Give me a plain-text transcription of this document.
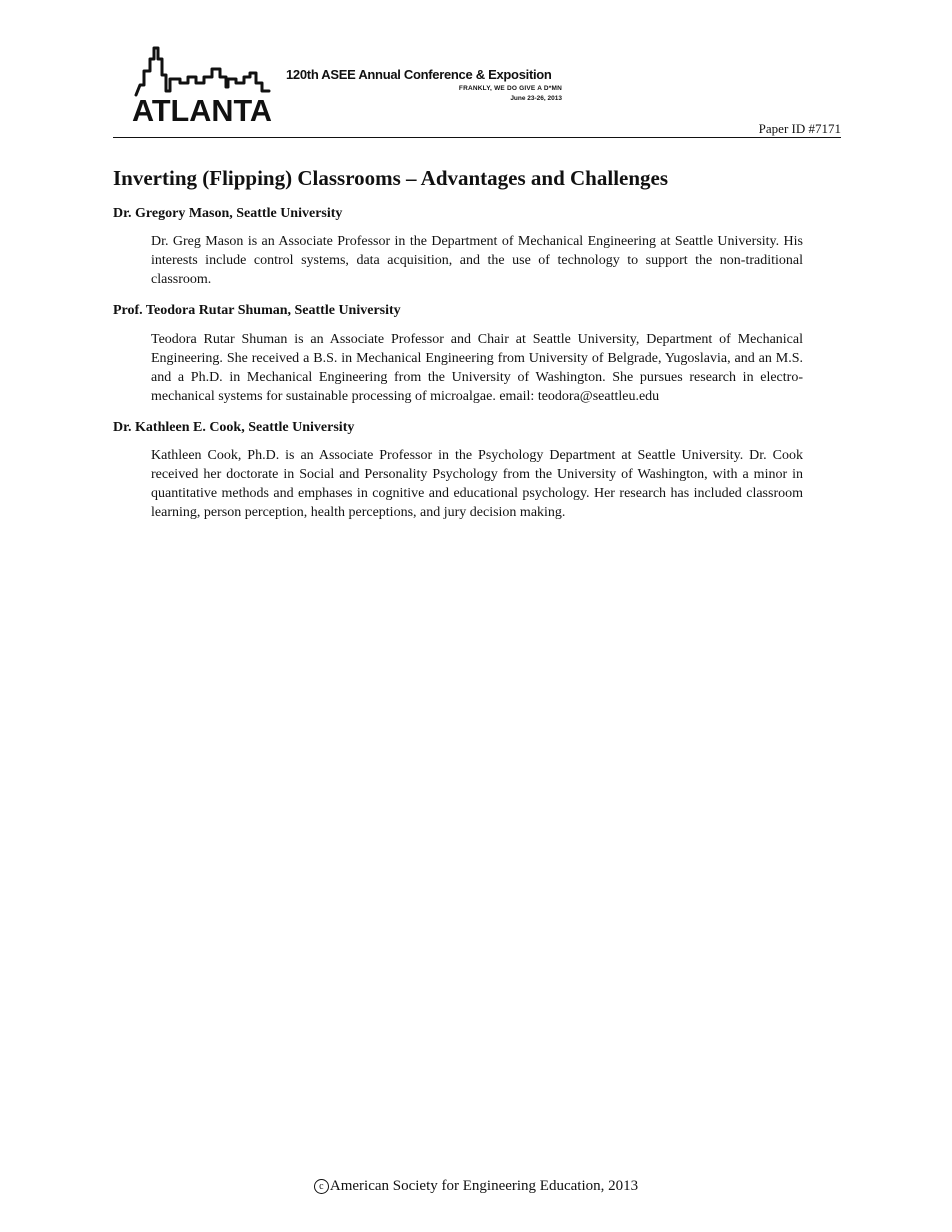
ATLANTA
120th ASEE Annual Conference & Exposition
FRANKLY, WE DO GIVE A D*MN
June 23-26, 2013
Paper ID #7171
Inverting (Flipping) Classrooms – Advantages and Challenges

Dr. Gregory Mason, Seattle University

Dr. Greg Mason is an Associate Professor in the Department of Mechanical Engineering at Seattle University. His interests include control systems, data acquisition, and the use of technology to support the non-traditional classroom.

Prof. Teodora Rutar Shuman, Seattle University

Teodora Rutar Shuman is an Associate Professor and Chair at Seattle University, Department of Mechanical Engineering. She received a B.S. in Mechanical Engineering from University of Belgrade, Yugoslavia, and an M.S. and a Ph.D. in Mechanical Engineering from the University of Washington. She pursues research in electro-mechanical systems for sustainable processing of microalgae. email: teodora@seattleu.edu

Dr. Kathleen E. Cook, Seattle University

Kathleen Cook, Ph.D. is an Associate Professor in the Psychology Department at Seattle University. Dr. Cook received her doctorate in Social and Personality Psychology from the University of Washington, with a minor in quantitative methods and emphases in cognitive and educational psychology. Her research has included classroom learning, person perception, health perceptions, and jury decision making.

c American Society for Engineering Education, 2013
